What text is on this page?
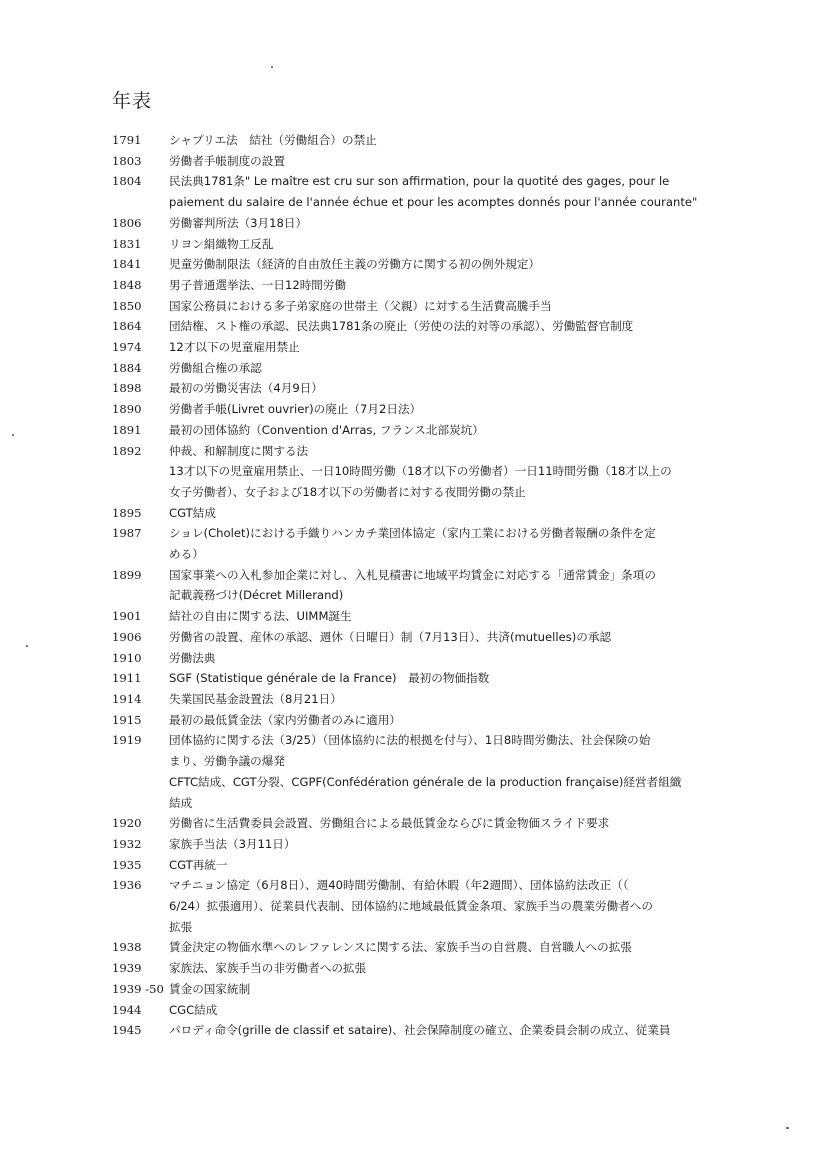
年表
1791	シャプリエ法　結社（労働組合）の禁止
1803	労働者手帳制度の設置
1804	民法典1781条" Le maître est cru sur son affirmation, pour la quotité des gages, pour le
paiement du salaire de l'année échue et pour les acomptes donnés pour l'année courante"
1806	労働審判所法（3月18日）
1831	リヨン絹織物工反乱
1841	児童労働制限法（経済的自由放任主義の労働方に関する初の例外規定）
1848	男子普通選挙法、一日12時間労働
1850	国家公務員における多子弟家庭の世帯主（父親）に対する生活費高騰手当
1864	団結権、スト権の承認、民法典1781条の廃止（労使の法的対等の承認）、労働監督官制度
1974	12才以下の児童雇用禁止
1884	労働組合権の承認
1898	最初の労働災害法（4月9日）
1890	労働者手帳(Livret ouvrier)の廃止（7月2日法）
1891	最初の団体協約（Convention d'Arras, フランス北部炭坑）
1892	仲裁、和解制度に関する法
13才以下の児童雇用禁止、一日10時間労働（18才以下の労働者）一日11時間労働（18才以上の
女子労働者）、女子および18才以下の労働者に対する夜間労働の禁止
1895	CGT結成
1987	ショレ(Cholet)における手織りハンカチ業団体協定（家内工業における労働者報酬の条件を定
める）
1899	国家事業への入札参加企業に対し、入札見積書に地域平均賃金に対応する「通常賃金」条項の
記載義務づけ(Décret Millerand)
1901	結社の自由に関する法、UIMM誕生
1906	労働省の設置、産休の承認、週休（日曜日）制（7月13日）、共済(mutuelles)の承認
1910	労働法典
1911	SGF (Statistique générale de la France)　最初の物価指数
1914	失業国民基金設置法（8月21日）
1915	最初の最低賃金法（家内労働者のみに適用）
1919	団体協約に関する法（3/25）（団体協約に法的根拠を付与）、1日8時間労働法、社会保険の始
まり、労働争議の爆発
CFTC結成、CGT分裂、CGPF(Confédération générale de la production française)経営者組織
結成
1920	労働省に生活費委員会設置、労働組合による最低賃金ならびに賃金物価スライド要求
1932	家族手当法（3月11日）
1935	CGT再統一
1936	マチニョン協定（6月8日）、週40時間労働制、有給休暇（年2週間）、団体協約法改正（（
6/24）拡張適用）、従業員代表制、団体協約に地域最低賃金条項、家族手当の農業労働者への
拡張
1938	賃金決定の物価水準へのレファレンスに関する法、家族手当の自営農、自営職人への拡張
1939	家族法、家族手当の非労働者への拡張
1939 -50 賃金の国家統制
1944	CGC結成
1945	パロディ命令(grille de classif et sataire)、社会保障制度の確立、企業委員会制の成立、従業員
